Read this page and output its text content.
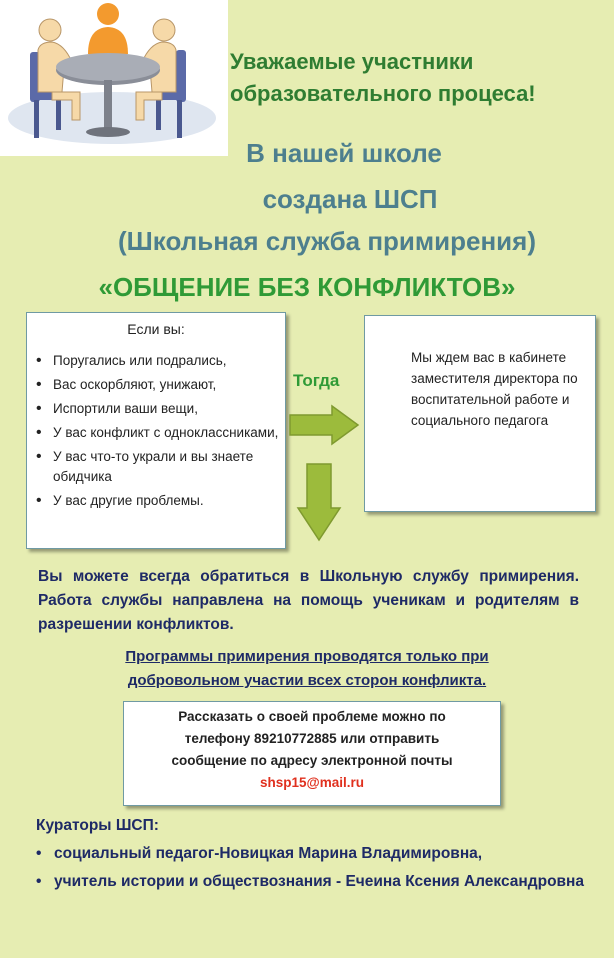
Уважаемые участники
образовательного процеса!
В нашей школе
создана ШСП
(Школьная служба примирения)
«ОБЩЕНИЕ БЕЗ КОНФЛИКТОВ»
Если вы:
• Поругались или подрались,
• Вас оскорбляют, унижают,
• Испортили ваши вещи,
• У вас конфликт с одноклассниками,
• У вас что-то украли и вы знаете обидчика
• У вас другие проблемы.
Тогда
Мы ждем вас в кабинете заместителя директора по воспитательной работе и социального педагога
Вы можете всегда обратиться в Школьную службу примирения. Работа службы направлена на помощь ученикам и родителям в разрешении конфликтов.
Программы примирения проводятся только при
добровольном участии всех сторон конфликта.
Рассказать о своей проблеме можно по
телефону 89210772885 или отправить
сообщение по адресу электронной почты
shsp15@mail.ru
Кураторы ШСП:
• социальный педагог-Новицкая Марина Владимировна,
• учитель истории и обществознания - Ечеина Ксения Александровна
